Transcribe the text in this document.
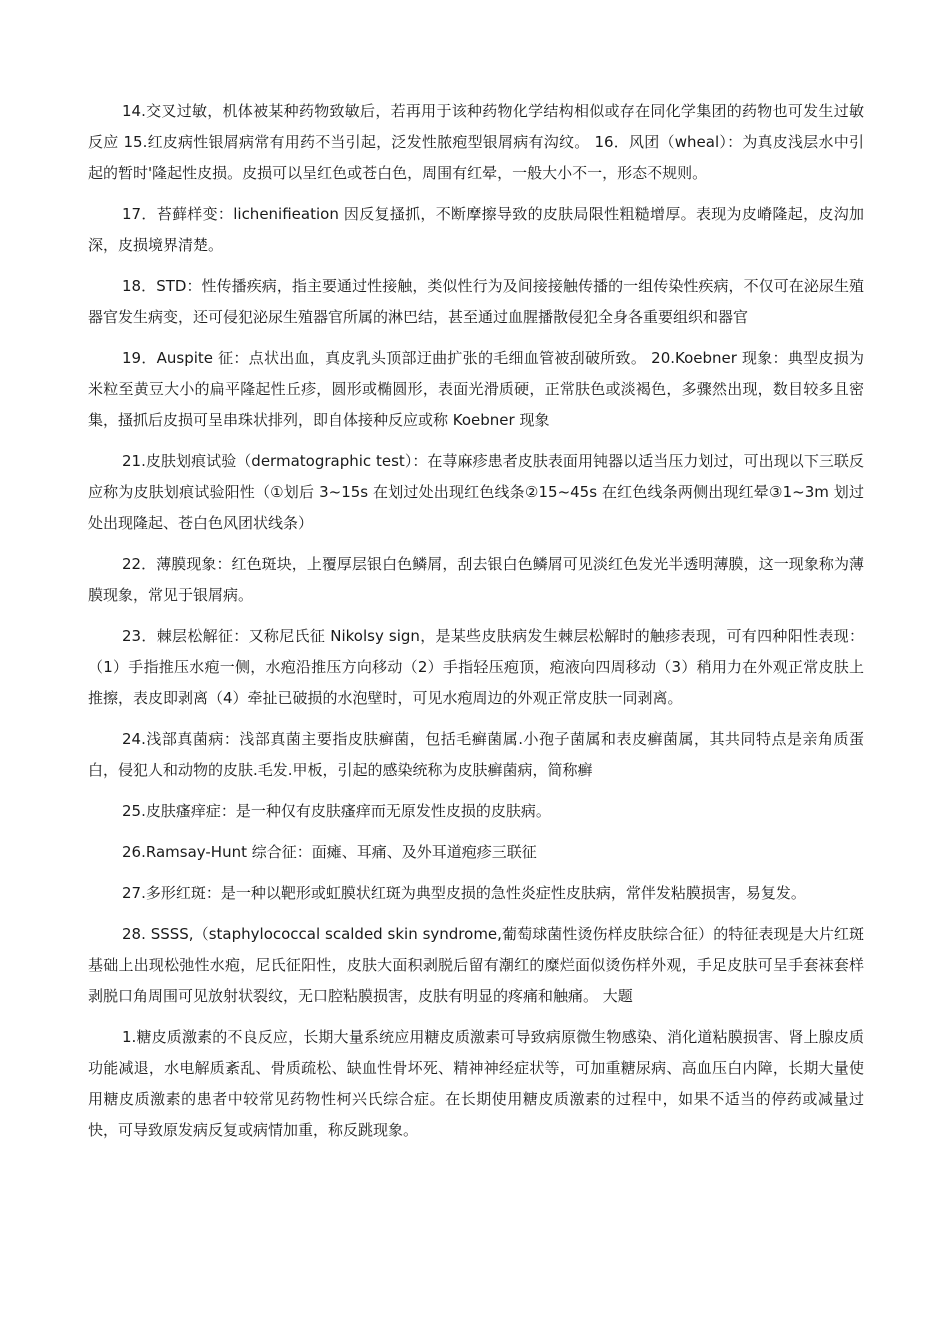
14.交叉过敏，机体被某种药物致敏后，若再用于该种药物化学结构相似或存在同化学集团的药物也可发生过敏反应 15.红皮病性银屑病常有用药不当引起，泛发性脓疱型银屑病有沟纹。 16．风团（wheal）：为真皮浅层水中引起的暂时'隆起性皮损。皮损可以呈红色或苍白色，周围有红晕，一般大小不一，形态不规则。

17．苔藓样变：lichenifieation 因反复搔抓，不断摩擦导致的皮肤局限性粗糙增厚。表现为皮嵴隆起，皮沟加深，皮损境界清楚。

18．STD：性传播疾病，指主要通过性接触，类似性行为及间接接触传播的一组传染性疾病，不仅可在泌尿生殖器官发生病变，还可侵犯泌尿生殖器官所属的淋巴结，甚至通过血腥播散侵犯全身各重要组织和器官

19．Auspite 征：点状出血，真皮乳头顶部迂曲扩张的毛细血管被刮破所致。 20.Koebner 现象：典型皮损为米粒至黄豆大小的扁平隆起性丘疹，圆形或椭圆形，表面光滑质硬，正常肤色或淡褐色，多骤然出现，数目较多且密集，搔抓后皮损可呈串珠状排列，即自体接种反应或称 Koebner 现象

21.皮肤划痕试验（dermatographic test）：在荨麻疹患者皮肤表面用钝器以适当压力划过，可出现以下三联反应称为皮肤划痕试验阳性（①划后 3~15s 在划过处出现红色线条②15~45s 在红色线条两侧出现红晕③1~3m 划过处出现隆起、苍白色风团状线条）

22．薄膜现象：红色斑块，上覆厚层银白色鳞屑，刮去银白色鳞屑可见淡红色发光半透明薄膜，这一现象称为薄膜现象，常见于银屑病。

23．棘层松解征：又称尼氏征 Nikolsy sign，是某些皮肤病发生棘层松解时的触疹表现，可有四种阳性表现：（1）手指推压水疱一侧，水疱沿推压方向移动（2）手指轻压疱顶，疱液向四周移动（3）稍用力在外观正常皮肤上推擦，表皮即剥离（4）牵扯已破损的水泡壁时，可见水疱周边的外观正常皮肤一同剥离。

24.浅部真菌病：浅部真菌主要指皮肤癣菌，包括毛癣菌属.小孢子菌属和表皮癣菌属，其共同特点是亲角质蛋白，侵犯人和动物的皮肤.毛发.甲板，引起的感染统称为皮肤癣菌病，简称癣

25.皮肤瘙痒症：是一种仅有皮肤瘙痒而无原发性皮损的皮肤病。

26.Ramsay-Hunt 综合征：面瘫、耳痛、及外耳道疱疹三联征

27.多形红斑：是一种以靶形或虹膜状红斑为典型皮损的急性炎症性皮肤病，常伴发粘膜损害，易复发。

28. SSSS,（staphylococcal scalded skin syndrome,葡萄球菌性烫伤样皮肤综合征）的特征表现是大片红斑基础上出现松弛性水疱，尼氏征阳性，皮肤大面积剥脱后留有潮红的糜烂面似烫伤样外观，手足皮肤可呈手套袜套样剥脱口角周围可见放射状裂纹，无口腔粘膜损害，皮肤有明显的疼痛和触痛。 大题

1.糖皮质激素的不良反应，长期大量系统应用糖皮质激素可导致病原微生物感染、消化道粘膜损害、肾上腺皮质功能减退，水电解质紊乱、骨质疏松、缺血性骨坏死、精神神经症状等，可加重糖尿病、高血压白内障，长期大量使用糖皮质激素的患者中较常见药物性柯兴氏综合症。在长期使用糖皮质激素的过程中，如果不适当的停药或减量过快，可导致原发病反复或病情加重，称反跳现象。
